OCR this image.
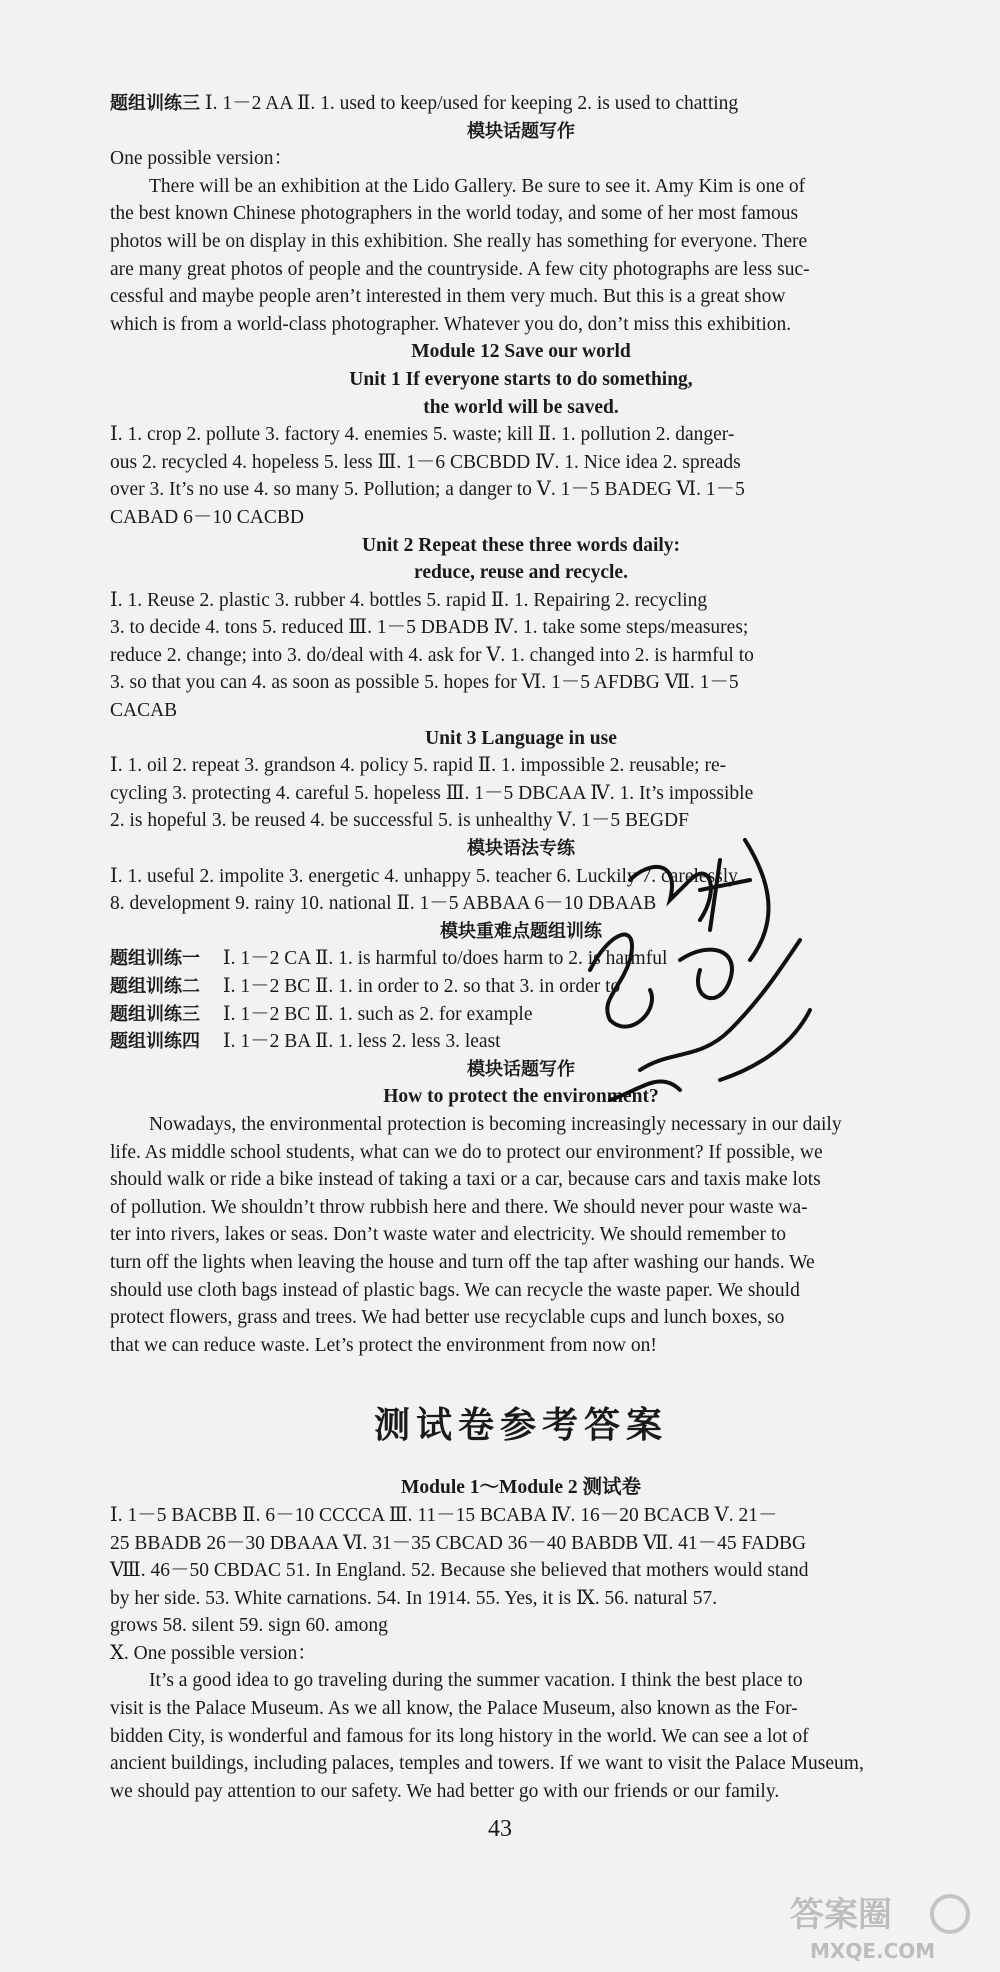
题组训练三 Ⅰ. 1－2 AA Ⅱ. 1. used to keep/used for keeping 2. is used to chatting
模块话题写作
One possible version：

There will be an exhibition at the Lido Gallery. Be sure to see it. Amy Kim is one of

the best known Chinese photographers in the world today, and some of her most famous

photos will be on display in this exhibition. She really has something for everyone. There

are many great photos of people and the countryside. A few city photographs are less suc-

cessful and maybe people aren’t interested in them very much. But this is a great show

which is from a world-class photographer. Whatever you do, don’t miss this exhibition.

Module 12 Save our world
Unit 1 If everyone starts to do something,
the world will be saved.

Ⅰ. 1. crop 2. pollute 3. factory 4. enemies 5. waste; kill Ⅱ. 1. pollution 2. danger-

ous 2. recycled 4. hopeless 5. less Ⅲ. 1－6 CBCBDD Ⅳ. 1. Nice idea 2. spreads

over 3. It’s no use 4. so many 5. Pollution; a danger to Ⅴ. 1－5 BADEG Ⅵ. 1－5

CABAD 6－10 CACBD

Unit 2 Repeat these three words daily:
reduce, reuse and recycle.

Ⅰ. 1. Reuse 2. plastic 3. rubber 4. bottles 5. rapid Ⅱ. 1. Repairing 2. recycling

3. to decide 4. tons 5. reduced Ⅲ. 1－5 DBADB Ⅳ. 1. take some steps/measures;

reduce 2. change; into 3. do/deal with 4. ask for Ⅴ. 1. changed into 2. is harmful to

3. so that you can 4. as soon as possible 5. hopes for Ⅵ. 1－5 AFDBG Ⅶ. 1－5

CACAB

Unit 3 Language in use

Ⅰ. 1. oil 2. repeat 3. grandson 4. policy 5. rapid Ⅱ. 1. impossible 2. reusable; re-

cycling 3. protecting 4. careful 5. hopeless Ⅲ. 1－5 DBCAA Ⅳ. 1. It’s impossible

2. is hopeful 3. be reused 4. be successful 5. is unhealthy Ⅴ. 1－5 BEGDF

模块语法专练

Ⅰ. 1. useful 2. impolite 3. energetic 4. unhappy 5. teacher 6. Luckily 7. carelessly

8. development 9. rainy 10. national Ⅱ. 1－5 ABBAA 6－10 DBAAB

模块重难点题组训练

题组训练一 Ⅰ. 1－2 CA Ⅱ. 1. is harmful to/does harm to 2. is harmful

题组训练二 Ⅰ. 1－2 BC Ⅱ. 1. in order to 2. so that 3. in order to

题组训练三 Ⅰ. 1－2 BC Ⅱ. 1. such as 2. for example

题组训练四 Ⅰ. 1－2 BA Ⅱ. 1. less 2. less 3. least

模块话题写作
How to protect the environment?

Nowadays, the environmental protection is becoming increasingly necessary in our daily

life. As middle school students, what can we do to protect our environment? If possible, we

should walk or ride a bike instead of taking a taxi or a car, because cars and taxis make lots

of pollution. We shouldn’t throw rubbish here and there. We should never pour waste wa-

ter into rivers, lakes or seas. Don’t waste water and electricity. We should remember to

turn off the lights when leaving the house and turn off the tap after washing our hands. We

should use cloth bags instead of plastic bags. We can recycle the waste paper. We should

protect flowers, grass and trees. We had better use recyclable cups and lunch boxes, so

that we can reduce waste. Let’s protect the environment from now on!

测试卷参考答案
Module 1～Module 2 测试卷

Ⅰ. 1－5 BACBB Ⅱ. 6－10 CCCCA Ⅲ. 11－15 BCABA Ⅳ. 16－20 BCACB Ⅴ. 21－

25 BBADB 26－30 DBAAA Ⅵ. 31－35 CBCAD 36－40 BABDB Ⅶ. 41－45 FADBG

Ⅷ. 46－50 CBDAC 51. In England. 52. Because she believed that mothers would stand

by her side. 53. White carnations. 54. In 1914. 55. Yes, it is Ⅸ. 56. natural 57.

grows 58. silent 59. sign 60. among

Ⅹ. One possible version：

It’s a good idea to go traveling during the summer vacation. I think the best place to

visit is the Palace Museum. As we all know, the Palace Museum, also known as the For-

bidden City, is wonderful and famous for its long history in the world. We can see a lot of

ancient buildings, including palaces, temples and towers. If we want to visit the Palace Museum,

we should pay attention to our safety. We had better go with our friends or our family.

43
答案圈
MXQE.COM
